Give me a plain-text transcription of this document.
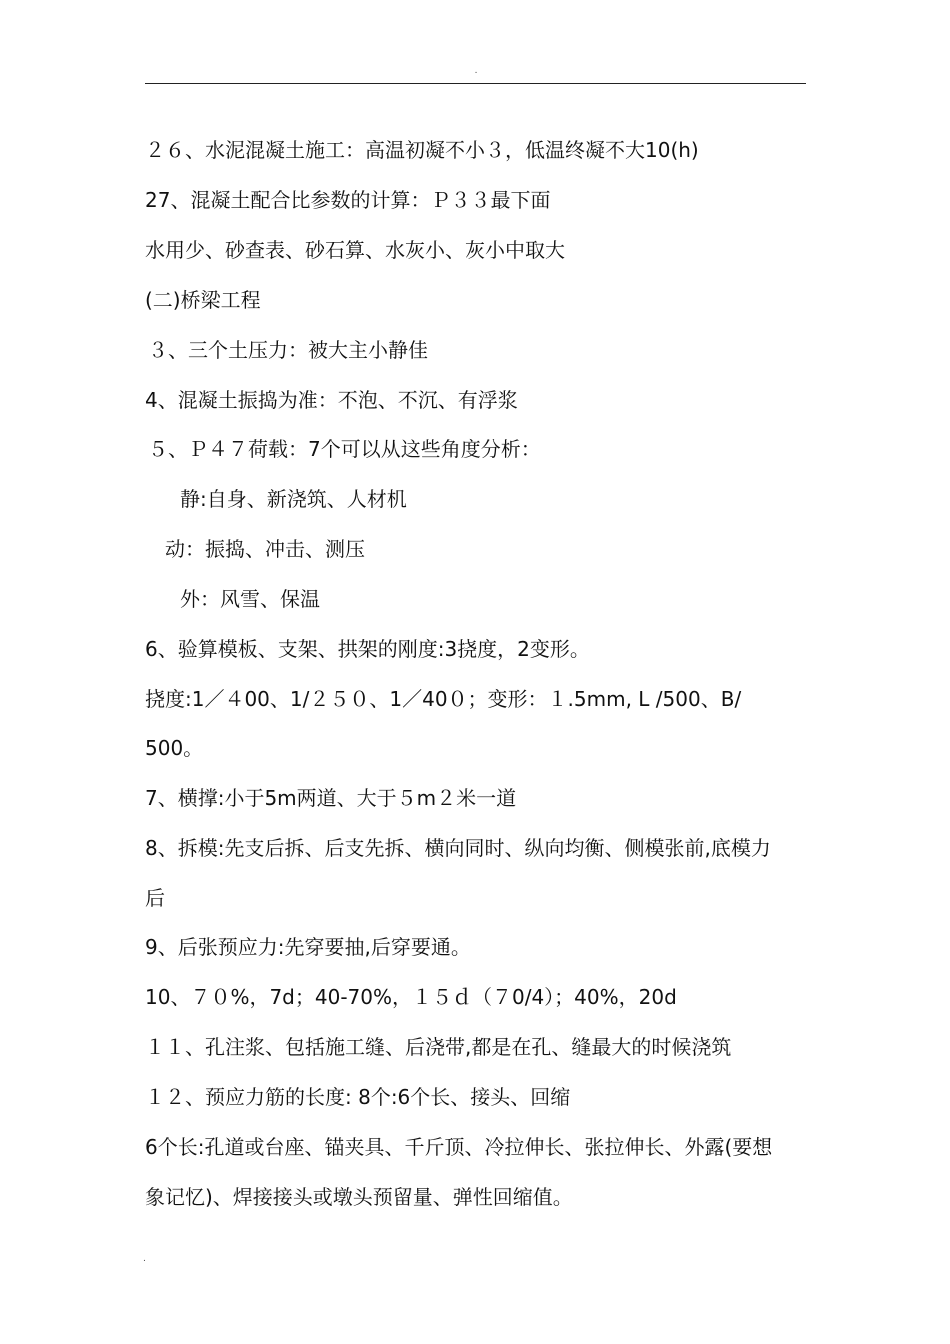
.
２６、水泥混凝土施工：高温初凝不小３，低温终凝不大10(h)
27、混凝土配合比参数的计算：Ｐ３３最下面
水用少、砂查表、砂石算、水灰小、灰小中取大
(二)桥梁工程
３、三个土压力：被大主小静佳
4、混凝土振捣为准：不泡、不沉、有浮浆
５、Ｐ４７荷载：7个可以从这些角度分析：
静:自身、新浇筑、人材机
动：振捣、冲击、测压
外：风雪、保温
6、验算模板、支架、拱架的刚度:3挠度，2变形。
挠度:1／４00、1/２５０、1／40０；变形：１.5mm, L /500、B/
500。
7、横撑:小于5m两道、大于５m２米一道
8、拆模:先支后拆、后支先拆、横向同时、纵向均衡、侧模张前,底模力
后
9、后张预应力:先穿要抽,后穿要通。
10、７０%，7d；40-70%，１５ｄ（７0/4）；40%，20d
１１、孔注浆、包括施工缝、后浇带,都是在孔、缝最大的时候浇筑
１２、预应力筋的长度: 8个:6个长、接头、回缩
6个长:孔道或台座、锚夹具、千斤顶、冷拉伸长、张拉伸长、外露(要想
象记忆)、焊接接头或墩头预留量、弹性回缩值。
.
